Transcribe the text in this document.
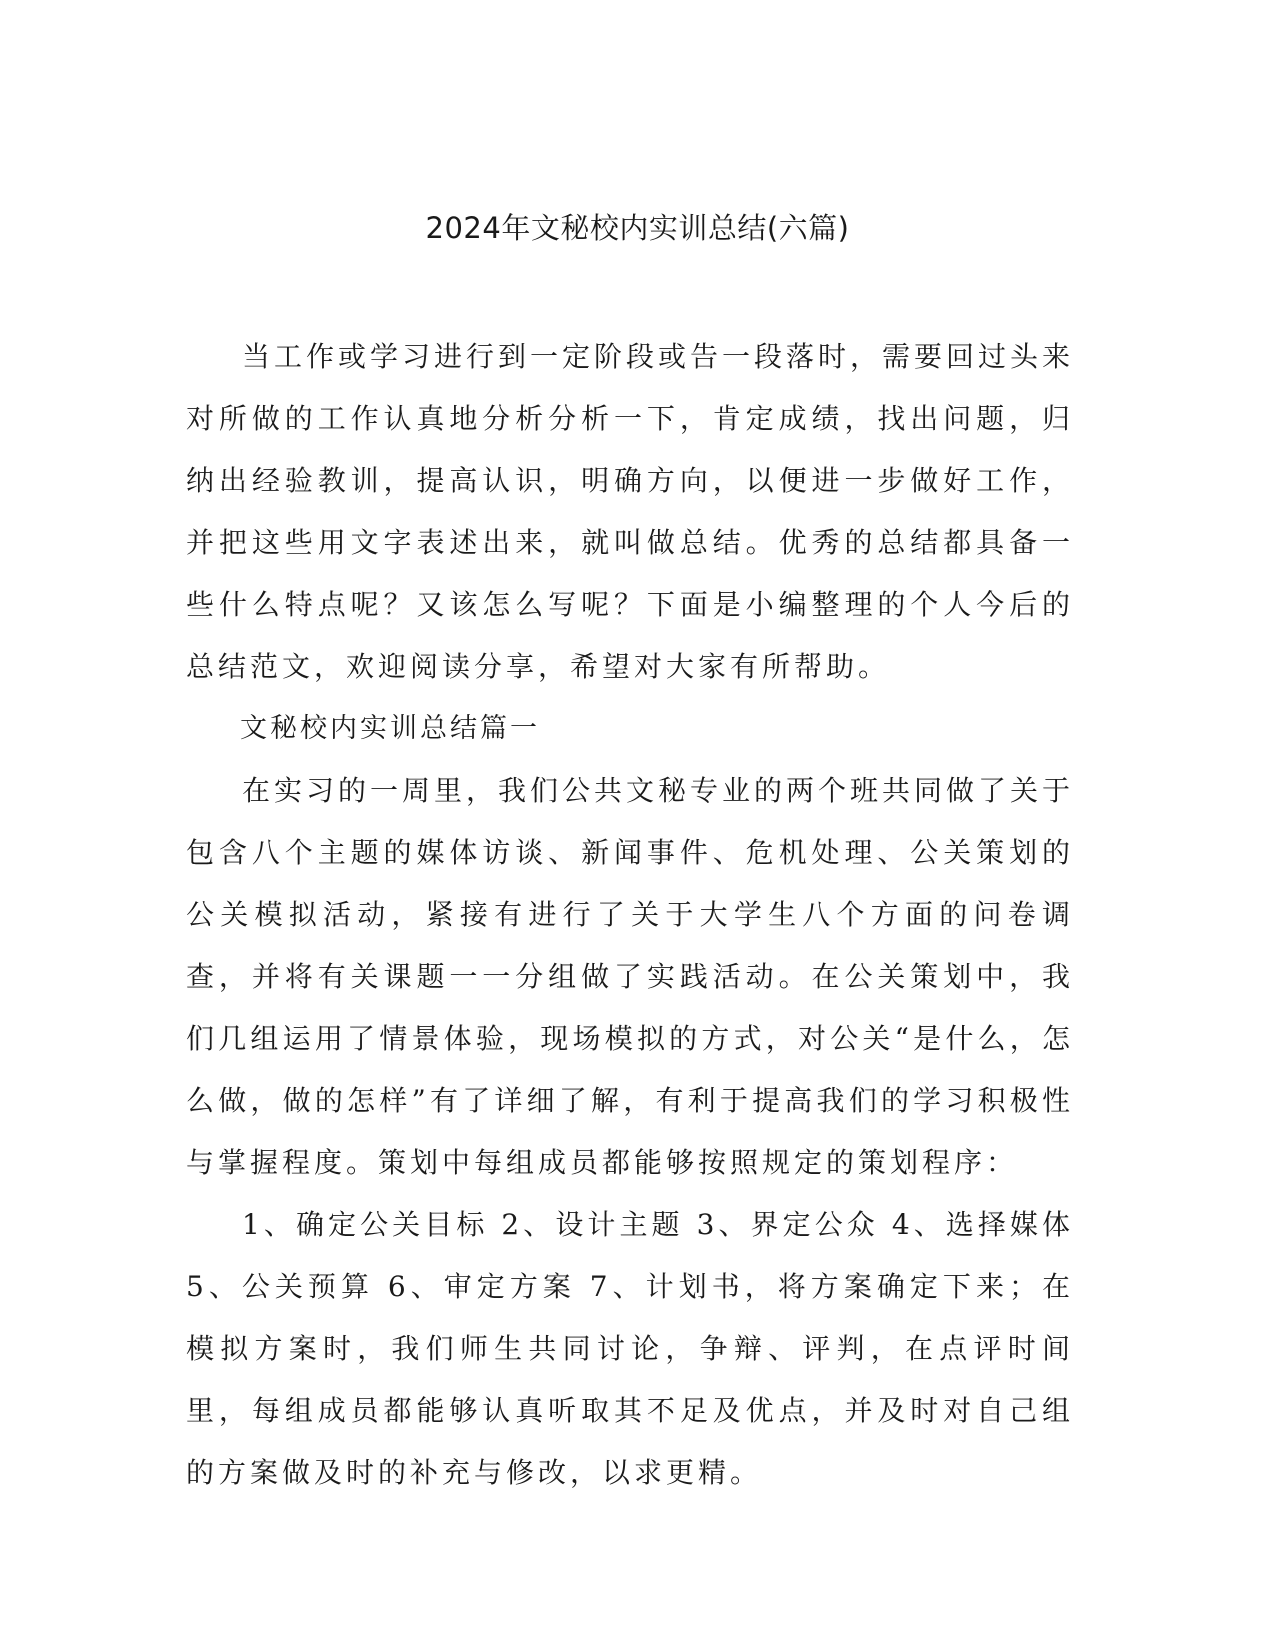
2024年文秘校内实训总结(六篇)

当工作或学习进行到一定阶段或告一段落时，需要回过头来对所做的工作认真地分析分析一下，肯定成绩，找出问题，归纳出经验教训，提高认识，明确方向，以便进一步做好工作，并把这些用文字表述出来，就叫做总结。优秀的总结都具备一些什么特点呢？又该怎么写呢？下面是小编整理的个人今后的总结范文，欢迎阅读分享，希望对大家有所帮助。

文秘校内实训总结篇一

在实习的一周里，我们公共文秘专业的两个班共同做了关于包含八个主题的媒体访谈、新闻事件、危机处理、公关策划的公关模拟活动，紧接有进行了关于大学生八个方面的问卷调查，并将有关课题一一分组做了实践活动。在公关策划中，我们几组运用了情景体验，现场模拟的方式，对公关“是什么，怎么做，做的怎样”有了详细了解，有利于提高我们的学习积极性与掌握程度。策划中每组成员都能够按照规定的策划程序：

1、确定公关目标 2、设计主题 3、界定公众 4、选择媒体 5、公关预算 6、审定方案 7、计划书，将方案确定下来；在模拟方案时，我们师生共同讨论，争辩、评判，在点评时间里，每组成员都能够认真听取其不足及优点，并及时对自己组的方案做及时的补充与修改，以求更精。
